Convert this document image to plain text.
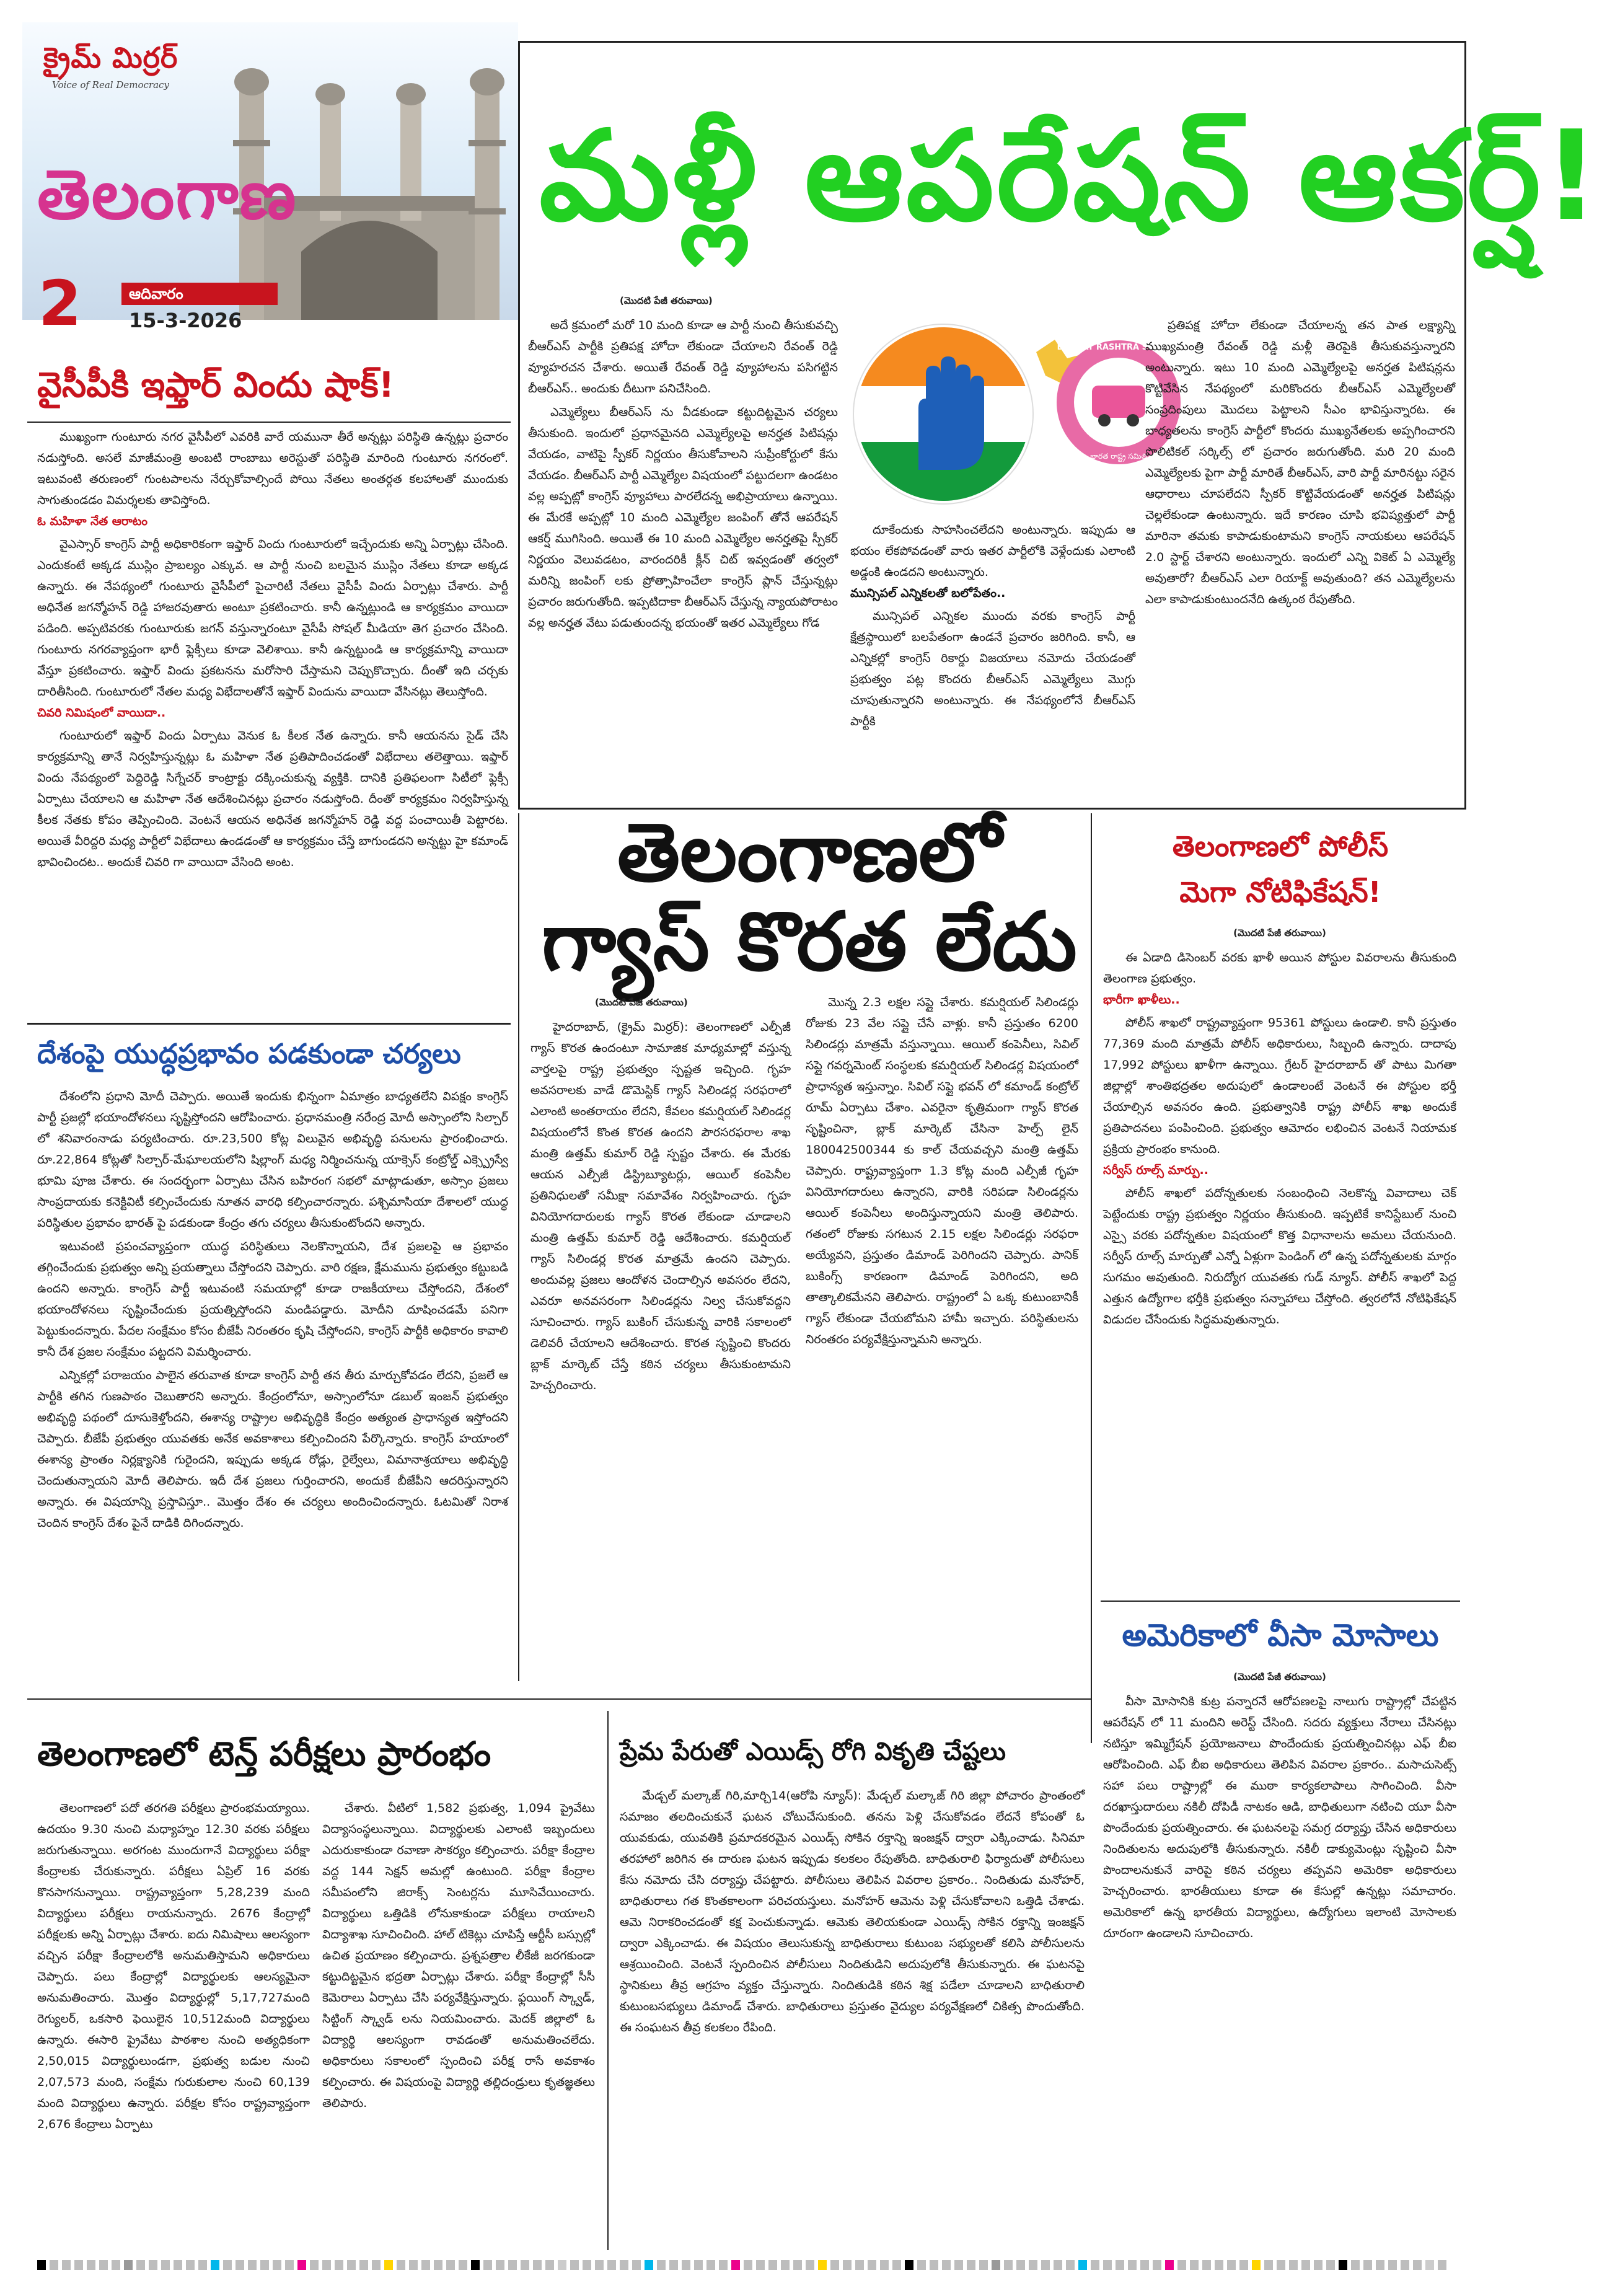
క్రైమ్ మిర్రర్
Voice of Real Democracy
తెలంగాణ
2	ఆదివారం
15-3-2026
మళ్లీ ఆపరేషన్ ఆకర్ష్!
(మొదటి పేజీ తరువాయి)

అదే క్రమంలో మరో 10 మంది కూడా ఆ పార్టీ నుంచి తీసుకువచ్చి బీఆర్ఎస్ పార్టీకి ప్రతిపక్ష హోదా లేకుండా చేయాలని రేవంత్ రెడ్డి వ్యూహరచన చేశారు. అయితే రేవంత్ రెడ్డి వ్యూహాలను పసిగట్టిన బీఆర్ఎస్.. అందుకు దీటుగా పనిచేసింది.

ఎమ్మెల్యేలు బీఆర్ఎస్ ను వీడకుండా కట్టుదిట్టమైన చర్యలు తీసుకుంది. ఇందులో ప్రధానమైనది ఎమ్మెల్యేలపై అనర్హత పిటిషన్లు వేయడం, వాటిపై స్పీకర్ నిర్ణయం తీసుకోవాలని సుప్రీంకోర్టులో కేసు వేయడం. బీఆర్ఎస్ పార్టీ ఎమ్మెల్యేల విషయంలో పట్టుదలగా ఉండటం వల్ల అప్పట్లో కాంగ్రెస్ వ్యూహాలు పారలేదన్న అభిప్రాయాలు ఉన్నాయి. ఈ మేరకే అప్పట్లో 10 మంది ఎమ్మెల్యేల జంపింగ్ తోనే ఆపరేషన్ ఆకర్ష్ ముగిసింది. అయితే ఈ 10 మంది ఎమ్మెల్యేల అనర్హతపై స్పీకర్ నిర్ణయం వెలువడటం, వారందరికీ క్లీన్ చిట్ ఇవ్వడంతో తర్వలో మరిన్ని జంపింగ్ లకు ప్రోత్సాహించేలా కాంగ్రెస్ ప్లాన్ చేస్తున్నట్లు ప్రచారం జరుగుతోంది. ఇప్పటిదాకా బీఆర్ఎస్ చేస్తున్న న్యాయపోరాటం వల్ల అనర్హత వేటు పడుతుందన్న భయంతో ఇతర ఎమ్మెల్యేలు గోడ

BHARAT RASHTRA SAMITHI
భారత రాష్ట్ర సమితి

దూకేందుకు సాహసించలేదని అంటున్నారు. ఇప్పుడు ఆ భయం లేకపోవడంతో వారు ఇతర పార్టీలోకి వెళ్లేందుకు ఎలాంటి అడ్డంకి ఉండదని అంటున్నారు.

మున్సిపల్ ఎన్నికలతో బలోపేతం..

మున్సిపల్ ఎన్నికల ముందు వరకు కాంగ్రెస్ పార్టీ క్షేత్రస్థాయిలో బలపేతంగా ఉండనే ప్రచారం జరిగింది. కానీ, ఆ ఎన్నికల్లో కాంగ్రెస్ రికార్డు విజయాలు నమోదు చేయడంతో ప్రభుత్వం పట్ల కొందరు బీఆర్ఎస్ ఎమ్మెల్యేలు మొగ్గు చూపుతున్నారని అంటున్నారు. ఈ నేపథ్యంలోనే బీఆర్ఎస్ పార్టీకి

ప్రతిపక్ష హోదా లేకుండా చేయాలన్న తన పాత లక్ష్యాన్ని ముఖ్యమంత్రి రేవంత్ రెడ్డి మళ్లీ తెరపైకి తీసుకువస్తున్నారని అంటున్నారు. ఇటు 10 మంది ఎమ్మెల్యేలపై అనర్హత పిటిషన్లను కొట్టివేసిన నేపథ్యంలో మరికొందరు బీఆర్ఎస్ ఎమ్మెల్యేలతో సంప్రదింపులు మొదలు పెట్టాలని సీఎం భావిస్తున్నారట. ఈ బాధ్యతలను కాంగ్రెస్ పార్టీలో కొందరు ముఖ్యనేతలకు అప్పగించారని పొలిటికల్ సర్కిల్స్ లో ప్రచారం జరుగుతోంది. మరి 20 మంది ఎమ్మెల్యేలకు పైగా పార్టీ మారితే బీఆర్ఎస్, వారి పార్టీ మారినట్టు సరైన ఆధారాలు చూపలేదని స్పీకర్ కొట్టివేయడంతో అనర్హత పిటిషన్లు చెల్లలేకుండా ఉంటున్నారు. ఇదే కారణం చూపి భవిష్యత్తులో పార్టీ మారినా తమకు కాపాడుకుంటామని కాంగ్రెస్ నాయకులు ఆపరేషన్ 2.0 స్టార్ట్ చేశారని అంటున్నారు. ఇందులో ఎన్ని వికెట్ ఏ ఎమ్మెల్యే అవుతారో? బీఆర్ఎస్ ఎలా రియాక్ట్ అవుతుంది? తన ఎమ్మెల్యేలను ఎలా కాపాడుకుంటుందనేది ఉత్కంఠ రేపుతోంది.

వైసీపీకి ఇఫ్తార్ విందు షాక్!

ముఖ్యంగా గుంటూరు నగర వైసీపీలో ఎవరికి వారే యమునా తీరే అన్నట్లు పరిస్థితి ఉన్నట్లు ప్రచారం నడుస్తోంది. అసలే మాజీమంత్రి అంబటి రాంబాబు అరెస్టుతో పరిస్థితి మారింది గుంటూరు నగరంలో. ఇటువంటి తరుణంలో గుంటపాలను నేర్చుకోవాల్సిందే పోయి నేతలు అంతర్గత కలహాలతో ముందుకు సాగుతుండడం విమర్శలకు తావిస్తోంది.

ఓ మహిళా నేత ఆరాటం

వైఎస్సార్ కాంగ్రెస్ పార్టీ అధికారికంగా ఇఫ్తార్ విందు గుంటూరులో ఇచ్చేందుకు అన్ని ఏర్పాట్లు చేసింది. ఎందుకంటే అక్కడ ముస్లిం ప్రాబల్యం ఎక్కువ. ఆ పార్టీ నుంచి బలమైన ముస్లిం నేతలు కూడా అక్కడ ఉన్నారు. ఈ నేపథ్యంలో గుంటూరు వైసీపీలో పైచారిటీ నేతలు వైసీపీ విందు ఏర్పాట్లు చేశారు. పార్టీ అధినేత జగన్మోహన్ రెడ్డి హాజరవుతారు అంటూ ప్రకటించారు. కానీ ఉన్నట్లుండి ఆ కార్యక్రమం వాయిదా పడింది. అప్పటివరకు గుంటూరుకు జగన్ వస్తున్నారంటూ వైసీపీ సోషల్ మీడియా తెగ ప్రచారం చేసింది. గుంటూరు నగరవ్యాప్తంగా భారీ ఫ్లెక్సీలు కూడా వెలిశాయి. కానీ ఉన్నట్టుండి ఆ కార్యక్రమాన్ని వాయిదా వేస్తూ ప్రకటించారు. ఇఫ్తార్ విందు ప్రకటనను మరోసారి చేస్తామని చెప్పుకొచ్చారు. దీంతో ఇది చర్చకు దారితీసింది. గుంటూరులో నేతల మధ్య విభేదాలతోనే ఇఫ్తార్ విందును వాయిదా వేసినట్లు తెలుస్తోంది.

చివరి నిమిషంలో వాయిదా..

గుంటూరులో ఇఫ్తార్ విందు ఏర్పాటు వెనుక ఓ కీలక నేత ఉన్నారు. కానీ ఆయనను సైడ్ చేసి కార్యక్రమాన్ని తానే నిర్వహిస్తున్నట్లు ఓ మహిళా నేత ప్రతిపాదించడంతో విభేదాలు తలెత్తాయి. ఇఫ్తార్ విందు నేపథ్యంలో పెద్దిరెడ్డి సిగ్నేచర్ కాంట్రాక్టు దక్కించుకున్న వ్యక్తికి. దానికి ప్రతిఫలంగా సిటీలో ఫ్లెక్సీ ఏర్పాటు చేయాలని ఆ మహిళా నేత ఆదేశించినట్లు ప్రచారం నడుస్తోంది. దీంతో కార్యక్రమం నిర్వహిస్తున్న కీలక నేతకు కోపం తెప్పించింది. వెంటనే ఆయన అధినేత జగన్మోహన్ రెడ్డి వద్ద పంచాయితీ పెట్టారట. అయితే వీరిద్దరి మధ్య పార్టీలో విభేదాలు ఉండడంతో ఆ కార్యక్రమం చేస్తే బాగుండదని అన్నట్టు హై కమాండ్ భావించిందట.. అందుకే చివరి గా వాయిదా వేసింది అంట.

దేశంపై యుద్ధప్రభావం పడకుండా చర్యలు

దేశంలోని ప్రధాని మోదీ చెప్పారు. అయితే ఇందుకు భిన్నంగా ఏమాత్రం బాధ్యతలేని విపక్షం కాంగ్రెస్ పార్టీ ప్రజల్లో భయాందోళనలు సృష్టిస్తోందని ఆరోపించారు. ప్రధానమంత్రి నరేంద్ర మోదీ అస్సాంలోని సిల్చార్ లో శనివారంనాడు పర్యటించారు. రూ.23,500 కోట్ల విలువైన అభివృద్ధి పనులను ప్రారంభించారు. రూ.22,864 కోట్లతో సిల్చార్-మేఘాలయలోని షిల్లాంగ్ మధ్య నిర్మించనున్న యాక్సెస్ కంట్రోల్డ్ ఎక్స్ప్రెస్వే భూమి పూజ చేశారు. ఈ సందర్భంగా ఏర్పాటు చేసిన బహిరంగ సభలో మాట్లాడుతూ, అస్సాం ప్రజలు సాంప్రదాయకు కనెక్టివిటీ కల్పించేందుకు నూతన వారధి కల్పించారన్నారు. పశ్చిమాసియా దేశాలలో యుద్ధ పరిస్థితుల ప్రభావం భారత్ పై పడకుండా కేంద్రం తగు చర్యలు తీసుకుంటోందని అన్నారు.

ఇటువంటి ప్రపంచవ్యాప్తంగా యుద్ధ పరిస్థితులు నెలకొన్నాయని, దేశ ప్రజలపై ఆ ప్రభావం తగ్గించేందుకు ప్రభుత్వం అన్ని ప్రయత్నాలు చేస్తోందని చెప్పారు. వారి రక్షణ, క్షేమమును ప్రభుత్వం కట్టుబడి ఉందని అన్నారు. కాంగ్రెస్ పార్టీ ఇటువంటి సమయాల్లో కూడా రాజకీయాలు చేస్తోందని, దేశంలో భయాందోళనలు సృష్టించేందుకు ప్రయత్నిస్తోందని మండిపడ్డారు. మోదీని దూషించడమే పనిగా పెట్టుకుందన్నారు. పేదల సంక్షేమం కోసం బీజేపీ నిరంతరం కృషి చేస్తోందని, కాంగ్రెస్ పార్టీకి అధికారం కావాలి కానీ దేశ ప్రజల సంక్షేమం పట్టదని విమర్శించారు.

ఎన్నికల్లో పరాజయం పాలైన తరువాత కూడా కాంగ్రెస్ పార్టీ తన తీరు మార్చుకోవడం లేదని, ప్రజలే ఆ పార్టీకి తగిన గుణపాఠం చెబుతారని అన్నారు. కేంద్రంలోనూ, అస్సాంలోనూ డబుల్ ఇంజన్ ప్రభుత్వం అభివృద్ధి పథంలో దూసుకెళ్తోందని, ఈశాన్య రాష్ట్రాల అభివృద్ధికి కేంద్రం అత్యంత ప్రాధాన్యత ఇస్తోందని చెప్పారు. బీజేపీ ప్రభుత్వం యువతకు అనేక అవకాశాలు కల్పించిందని పేర్కొన్నారు. కాంగ్రెస్ హయాంలో ఈశాన్య ప్రాంతం నిర్లక్ష్యానికి గురైందని, ఇప్పుడు అక్కడ రోడ్లు, రైల్వేలు, విమానాశ్రయాలు అభివృద్ధి చెందుతున్నాయని మోదీ తెలిపారు. ఇదీ దేశ ప్రజలు గుర్తించారని, అందుకే బీజేపీని ఆదరిస్తున్నారని అన్నారు. ఈ విషయాన్ని ప్రస్తావిస్తూ.. మొత్తం దేశం ఈ చర్యలు అందించిందన్నారు. ఓటమితో నిరాశ చెందిన కాంగ్రెస్ దేశం పైనే దాడికి దిగిందన్నారు.

తెలంగాణలో
గ్యాస్ కొరత లేదు
(మొదటి పేజీ తరువాయి)

హైదరాబాద్, (క్రైమ్ మిర్రర్): తెలంగాణలో ఎల్పీజీ గ్యాస్ కొరత ఉందంటూ సామాజిక మాధ్యమాల్లో వస్తున్న వార్తలపై రాష్ట్ర ప్రభుత్వం స్పష్టత ఇచ్చింది. గృహ అవసరాలకు వాడే డొమెస్టిక్ గ్యాస్ సిలిండర్ల సరఫరాలో ఎలాంటి అంతరాయం లేదని, కేవలం కమర్షియల్ సిలిండర్ల విషయంలోనే కొంత కొరత ఉందని పౌరసరఫరాల శాఖ మంత్రి ఉత్తమ్ కుమార్ రెడ్డి స్పష్టం చేశారు. ఈ మేరకు ఆయన ఎల్పీజీ డిస్ట్రిబ్యూటర్లు, ఆయిల్ కంపెనీల ప్రతినిధులతో సమీక్షా సమావేశం నిర్వహించారు. గృహ వినియోగదారులకు గ్యాస్ కొరత లేకుండా చూడాలని మంత్రి ఉత్తమ్ కుమార్ రెడ్డి ఆదేశించారు. కమర్షియల్ గ్యాస్ సిలిండర్ల కొరత మాత్రమే ఉందని చెప్పారు. అందువల్ల ప్రజలు ఆందోళన చెందాల్సిన అవసరం లేదని, ఎవరూ అనవసరంగా సిలిండర్లను నిల్వ చేసుకోవద్దని సూచించారు. గ్యాస్ బుకింగ్ చేసుకున్న వారికి సకాలంలో డెలివరీ చేయాలని ఆదేశించారు. కొరత సృష్టించి కొందరు బ్లాక్ మార్కెట్ చేస్తే కఠిన చర్యలు తీసుకుంటామని హెచ్చరించారు.

మొన్న 2.3 లక్షల సప్లై చేశారు. కమర్షియల్ సిలిండర్లు రోజుకు 23 వేల సప్లై చేసే వాళ్లు. కానీ ప్రస్తుతం 6200 సిలిండర్లు మాత్రమే వస్తున్నాయి. ఆయిల్ కంపెనీలు, సివిల్ సప్లై గవర్నమెంట్ సంస్థలకు కమర్షియల్ సిలిండర్ల విషయంలో ప్రాధాన్యత ఇస్తున్నాం. సివిల్ సప్లై భవన్ లో కమాండ్ కంట్రోల్ రూమ్ ఏర్పాటు చేశాం. ఎవరైనా కృత్రిమంగా గ్యాస్ కొరత సృష్టించినా, బ్లాక్ మార్కెట్ చేసినా హెల్ప్ లైన్ 180042500344 కు కాల్ చేయవచ్చని మంత్రి ఉత్తమ్ చెప్పారు. రాష్ట్రవ్యాప్తంగా 1.3 కోట్ల మంది ఎల్పీజీ గృహ వినియోగదారులు ఉన్నారని, వారికి సరిపడా సిలిండర్లను ఆయిల్ కంపెనీలు అందిస్తున్నాయని మంత్రి తెలిపారు. గతంలో రోజుకు సగటున 2.15 లక్షల సిలిండర్లు సరఫరా అయ్యేవని, ప్రస్తుతం డిమాండ్ పెరిగిందని చెప్పారు. పానిక్ బుకింగ్స్ కారణంగా డిమాండ్ పెరిగిందని, అది తాత్కాలికమేనని తెలిపారు. రాష్ట్రంలో ఏ ఒక్క కుటుంబానికీ గ్యాస్ లేకుండా చేయబోమని హామీ ఇచ్చారు. పరిస్థితులను నిరంతరం పర్యవేక్షిస్తున్నామని అన్నారు.

తెలంగాణలో పోలీస్
మెగా నోటిఫికేషన్!
(మొదటి పేజీ తరువాయి)

ఈ ఏడాది డిసెంబర్ వరకు ఖాళీ అయిన పోస్టుల వివరాలను తీసుకుంది తెలంగాణ ప్రభుత్వం.

భారీగా ఖాళీలు..

పోలీస్ శాఖలో రాష్ట్రవ్యాప్తంగా 95361 పోస్టులు ఉండాలి. కానీ ప్రస్తుతం 77,369 మంది మాత్రమే పోలీస్ అధికారులు, సిబ్బంది ఉన్నారు. దాదాపు 17,992 పోస్టులు ఖాళీగా ఉన్నాయి. గ్రేటర్ హైదరాబాద్ తో పాటు మిగతా జిల్లాల్లో శాంతిభద్రతల అదుపులో ఉండాలంటే వెంటనే ఈ పోస్టుల భర్తీ చేయాల్సిన అవసరం ఉంది. ప్రభుత్వానికి రాష్ట్ర పోలీస్ శాఖ అందుకే ప్రతిపాదనలు పంపించింది. ప్రభుత్వం ఆమోదం లభించిన వెంటనే నియామక ప్రక్రియ ప్రారంభం కానుంది.

సర్వీస్ రూల్స్ మార్పు..

పోలీస్ శాఖలో పదోన్నతులకు సంబంధించి నెలకొన్న వివాదాలు చెక్ పెట్టేందుకు రాష్ట్ర ప్రభుత్వం నిర్ణయం తీసుకుంది. ఇప్పటికే కానిస్టేబుల్ నుంచి ఎస్సై వరకు పదోన్నతుల విషయంలో కొత్త విధానాలను అమలు చేయనుంది. సర్వీస్ రూల్స్ మార్పుతో ఎన్నో ఏళ్లుగా పెండింగ్ లో ఉన్న పదోన్నతులకు మార్గం సుగమం అవుతుంది. నిరుద్యోగ యువతకు గుడ్ న్యూస్. పోలీస్ శాఖలో పెద్ద ఎత్తున ఉద్యోగాల భర్తీకి ప్రభుత్వం సన్నాహాలు చేస్తోంది. త్వరలోనే నోటిఫికేషన్ విడుదల చేసేందుకు సిద్ధమవుతున్నారు.

అమెరికాలో వీసా మోసాలు
(మొదటి పేజీ తరువాయి)

వీసా మోసానికి కుట్ర పన్నారనే ఆరోపణలపై నాలుగు రాష్ట్రాల్లో చేపట్టిన ఆపరేషన్ లో 11 మందిని అరెస్ట్ చేసింది. సదరు వ్యక్తులు నేరాలు చేసినట్లు నటిస్తూ ఇమ్మిగ్రేషన్ ప్రయోజనాలు పొందేందుకు ప్రయత్నించినట్లు ఎఫ్ బీఐ ఆరోపించింది. ఎఫ్ బీఐ అధికారులు తెలిపిన వివరాల ప్రకారం.. మసాచుసెట్స్ సహా పలు రాష్ట్రాల్లో ఈ ముఠా కార్యకలాపాలు సాగించింది. వీసా దరఖాస్తుదారులు నకిలీ దోపిడీ నాటకం ఆడి, బాధితులుగా నటించి యూ వీసా పొందేందుకు ప్రయత్నించారు. ఈ ఘటనలపై సమగ్ర దర్యాప్తు చేసిన అధికారులు నిందితులను అదుపులోకి తీసుకున్నారు. నకిలీ డాక్యుమెంట్లు సృష్టించి వీసా పొందాలనుకునే వారిపై కఠిన చర్యలు తప్పవని అమెరికా అధికారులు హెచ్చరించారు. భారతీయులు కూడా ఈ కేసుల్లో ఉన్నట్లు సమాచారం. అమెరికాలో ఉన్న భారతీయ విద్యార్థులు, ఉద్యోగులు ఇలాంటి మోసాలకు దూరంగా ఉండాలని సూచించారు.

తెలంగాణలో టెన్త్ పరీక్షలు ప్రారంభం

తెలంగాణలో పదో తరగతి పరీక్షలు ప్రారంభమయ్యాయి. ఉదయం 9.30 నుంచి మధ్యాహ్నం 12.30 వరకు పరీక్షలు జరుగుతున్నాయి. అరగంట ముందుగానే విద్యార్థులు పరీక్షా కేంద్రాలకు చేరుకున్నారు. పరీక్షలు ఏప్రిల్ 16 వరకు కొనసాగనున్నాయి. రాష్ట్రవ్యాప్తంగా 5,28,239 మంది విద్యార్థులు పరీక్షలు రాయనున్నారు. 2676 కేంద్రాల్లో పరీక్షలకు అన్ని ఏర్పాట్లు చేశారు. ఐదు నిమిషాలు ఆలస్యంగా వచ్చిన పరీక్షా కేంద్రాలలోకి అనుమతిస్తామని అధికారులు చెప్పారు. పలు కేంద్రాల్లో విద్యార్థులకు ఆలస్యమైనా అనుమతించారు. మొత్తం విద్యార్థుల్లో 5,17,727మంది రెగ్యులర్, ఒకసారి ఫెయిలైన 10,512మంది విద్యార్థులు ఉన్నారు. ఈసారి ప్రైవేటు పాఠశాల నుంచి అత్యధికంగా 2,50,015 విద్యార్థులుండగా, ప్రభుత్వ బడుల నుంచి 2,07,573 మంది, సంక్షేమ గురుకులాల నుంచి 60,139 మంది విద్యార్థులు ఉన్నారు. పరీక్షల కోసం రాష్ట్రవ్యాప్తంగా 2,676 కేంద్రాలు ఏర్పాటు

చేశారు. వీటిలో 1,582 ప్రభుత్వ, 1,094 ప్రైవేటు విద్యాసంస్థలున్నాయి. విద్యార్థులకు ఎలాంటి ఇబ్బందులు ఎదురుకాకుండా రవాణా సౌకర్యం కల్పించారు. పరీక్షా కేంద్రాల వద్ద 144 సెక్షన్ అమల్లో ఉంటుంది. పరీక్షా కేంద్రాల సమీపంలోని జిరాక్స్ సెంటర్లను మూసివేయించారు. విద్యార్థులు ఒత్తిడికి లోనుకాకుండా పరీక్షలు రాయాలని విద్యాశాఖ సూచించింది. హాల్ టికెట్లు చూపిస్తే ఆర్టీసీ బస్సుల్లో ఉచిత ప్రయాణం కల్పించారు. ప్రశ్నపత్రాల లీకేజీ జరగకుండా కట్టుదిట్టమైన భద్రతా ఏర్పాట్లు చేశారు. పరీక్షా కేంద్రాల్లో సీసీ కెమెరాలు ఏర్పాటు చేసి పర్యవేక్షిస్తున్నారు. ఫ్లయింగ్ స్క్వాడ్, సిట్టింగ్ స్క్వాడ్ లను నియమించారు. మెదక్ జిల్లాలో ఓ విద్యార్థి ఆలస్యంగా రావడంతో అనుమతించలేదు. అధికారులు సకాలంలో స్పందించి పరీక్ష రాసే అవకాశం కల్పించారు. ఈ విషయంపై విద్యార్థి తల్లిదండ్రులు కృతజ్ఞతలు తెలిపారు.

ప్రేమ పేరుతో ఎయిడ్స్ రోగి వికృతి చేష్టలు

మేడ్చల్ మల్కాజ్ గిరి,మార్చి14(ఆరోపి న్యూస్): మేడ్చల్ మల్కాజ్ గిరి జిల్లా పోచారం ప్రాంతంలో సమాజం తలదించుకునే ఘటన చోటుచేసుకుంది. తనను పెళ్లి చేసుకోవడం లేదనే కోపంతో ఓ యువకుడు, యువతికి ప్రమాదకరమైన ఎయిడ్స్ సోకిన రక్తాన్ని ఇంజక్షన్ ద్వారా ఎక్కించాడు. సినిమా తరహాలో జరిగిన ఈ దారుణ ఘటన ఇప్పుడు కలకలం రేపుతోంది. బాధితురాలి ఫిర్యాదుతో పోలీసులు కేసు నమోదు చేసి దర్యాప్తు చేపట్టారు. పోలీసులు తెలిపిన వివరాల ప్రకారం.. నిందితుడు మనోహర్, బాధితురాలు గత కొంతకాలంగా పరిచయస్తులు. మనోహర్ ఆమెను పెళ్లి చేసుకోవాలని ఒత్తిడి చేశాడు. ఆమె నిరాకరించడంతో కక్ష పెంచుకున్నాడు. ఆమెకు తెలియకుండా ఎయిడ్స్ సోకిన రక్తాన్ని ఇంజక్షన్ ద్వారా ఎక్కించాడు. ఈ విషయం తెలుసుకున్న బాధితురాలు కుటుంబ సభ్యులతో కలిసి పోలీసులను ఆశ్రయించింది. వెంటనే స్పందించిన పోలీసులు నిందితుడిని అదుపులోకి తీసుకున్నారు. ఈ ఘటనపై స్థానికులు తీవ్ర ఆగ్రహం వ్యక్తం చేస్తున్నారు. నిందితుడికి కఠిన శిక్ష పడేలా చూడాలని బాధితురాలి కుటుంబసభ్యులు డిమాండ్ చేశారు. బాధితురాలు ప్రస్తుతం వైద్యుల పర్యవేక్షణలో చికిత్స పొందుతోంది. ఈ సంఘటన తీవ్ర కలకలం రేపింది.
